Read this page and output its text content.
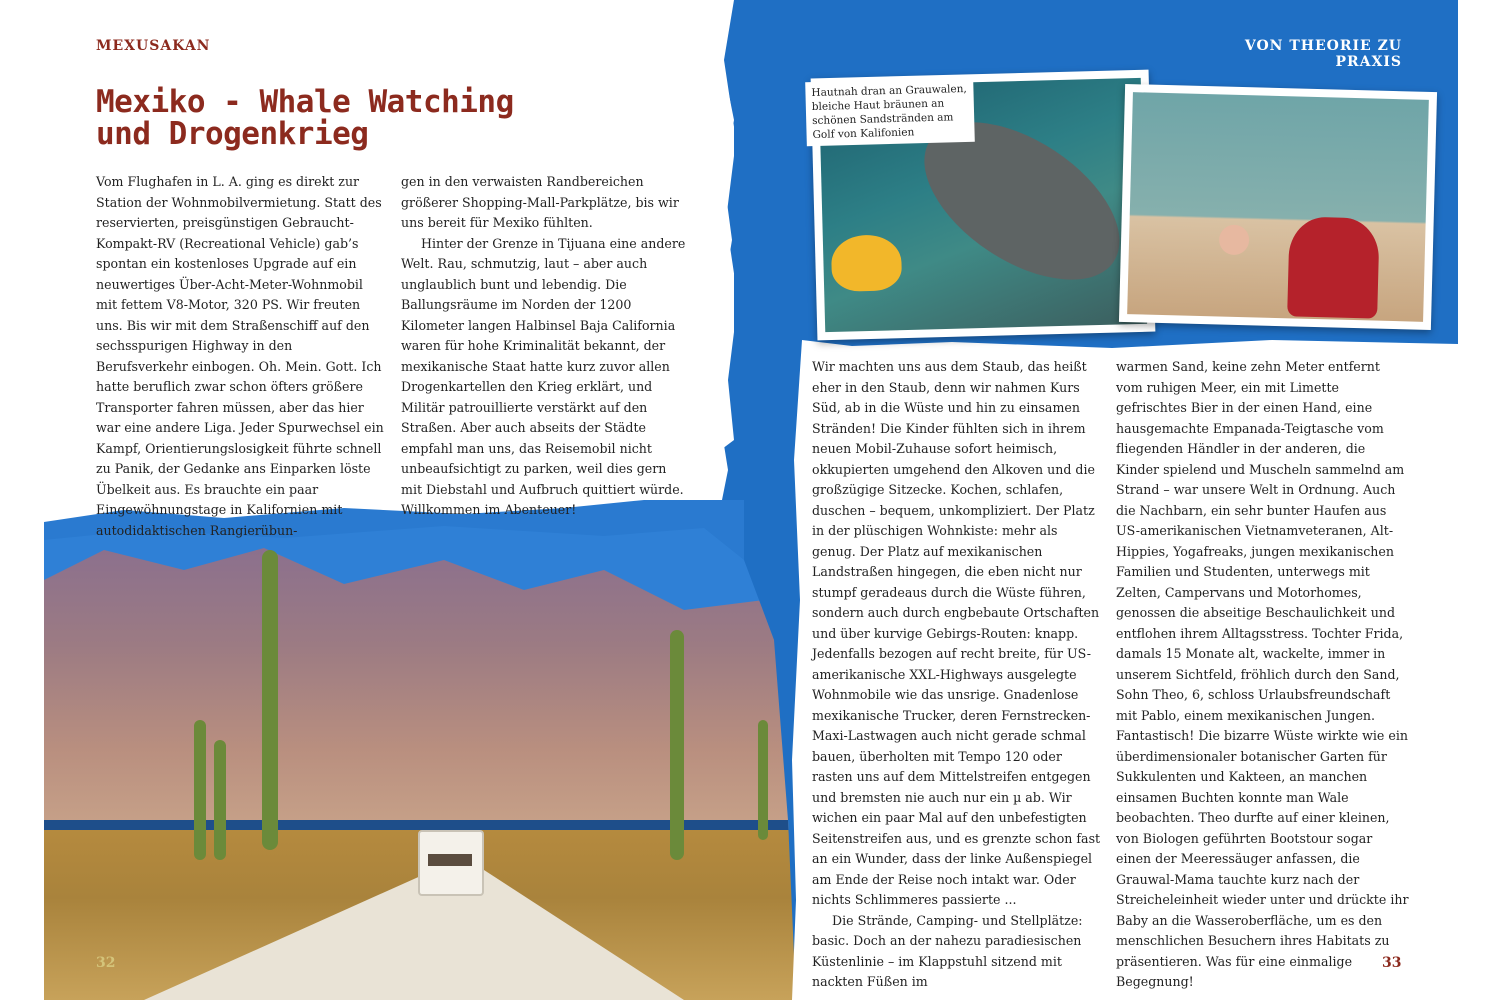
Hautnah dran an Grauwalen, bleiche Haut bräunen an schönen Sandstränden am Golf von Kalifonien
MEXUSAKAN	VON THEORIE ZU PRAXIS
Mexiko - Whale Watching
und Drogenkrieg

Vom Flughafen in L. A. ging es direkt zur Station der Wohnmobilvermietung. Statt des reservierten, preisgünstigen Gebraucht-Kompakt-RV (Recreational Vehicle) gab’s spontan ein kostenloses Upgrade auf ein neuwertiges Über-Acht-Meter-Wohnmobil mit fettem V8-Motor, 320 PS. Wir freuten uns. Bis wir mit dem Straßenschiff auf den sechsspurigen Highway in den Berufsverkehr einbogen. Oh. Mein. Gott. Ich hatte beruflich zwar schon öfters größere Transporter fahren müssen, aber das hier war eine andere Liga. Jeder Spurwechsel ein Kampf, Orientierungslosigkeit führte schnell zu Panik, der Gedanke ans Einparken löste Übelkeit aus. Es brauchte ein paar Eingewöhnungstage in Kalifornien mit autodidaktischen Rangierübun-

gen in den verwaisten Randbereichen größerer Shopping-Mall-Parkplätze, bis wir uns bereit für Mexiko fühlten.

Hinter der Grenze in Tijuana eine andere Welt. Rau, schmutzig, laut – aber auch unglaublich bunt und lebendig. Die Ballungsräume im Norden der 1200 Kilometer langen Halbinsel Baja California waren für hohe Kriminalität bekannt, der mexikanische Staat hatte kurz zuvor allen Drogenkartellen den Krieg erklärt, und Militär patrouillierte verstärkt auf den Straßen. Aber auch abseits der Städte empfahl man uns, das Reisemobil nicht unbeaufsichtigt zu parken, weil dies gern mit Diebstahl und Aufbruch quittiert würde. Willkommen im Abenteuer!

Wir machten uns aus dem Staub, das heißt eher in den Staub, denn wir nahmen Kurs Süd, ab in die Wüste und hin zu einsamen Stränden! Die Kinder fühlten sich in ihrem neuen Mobil-Zuhause sofort heimisch, okkupierten umgehend den Alkoven und die großzügige Sitzecke. Kochen, schlafen, duschen – bequem, unkompliziert. Der Platz in der plüschigen Wohnkiste: mehr als genug. Der Platz auf mexikanischen Landstraßen hingegen, die eben nicht nur stumpf geradeaus durch die Wüste führen, sondern auch durch engbebaute Ortschaften und über kurvige Gebirgs-Routen: knapp. Jedenfalls bezogen auf recht breite, für US-amerikanische XXL-Highways ausgelegte Wohnmobile wie das unsrige. Gnadenlose mexikanische Trucker, deren Fernstrecken-Maxi-Lastwagen auch nicht gerade schmal bauen, überholten mit Tempo 120 oder rasten uns auf dem Mittelstreifen entgegen und bremsten nie auch nur ein µ ab. Wir wichen ein paar Mal auf den unbefestigten Seitenstreifen aus, und es grenzte schon fast an ein Wunder, dass der linke Außenspiegel am Ende der Reise noch intakt war. Oder nichts Schlimmeres passierte ...

Die Strände, Camping- und Stellplätze: basic. Doch an der nahezu paradiesischen Küstenlinie – im Klappstuhl sitzend mit nackten Füßen im

warmen Sand, keine zehn Meter entfernt vom ruhigen Meer, ein mit Limette gefrischtes Bier in der einen Hand, eine hausgemachte Empanada-Teigtasche vom fliegenden Händler in der anderen, die Kinder spielend und Muscheln sammelnd am Strand – war unsere Welt in Ordnung. Auch die Nachbarn, ein sehr bunter Haufen aus US-amerikanischen Vietnamveteranen, Alt-Hippies, Yogafreaks, jungen mexikanischen Familien und Studenten, unterwegs mit Zelten, Campervans und Motorhomes, genossen die abseitige Beschaulichkeit und entflohen ihrem Alltagsstress. Tochter Frida, damals 15 Monate alt, wackelte, immer in unserem Sichtfeld, fröhlich durch den Sand, Sohn Theo, 6, schloss Urlaubsfreundschaft mit Pablo, einem mexikanischen Jungen. Fantastisch! Die bizarre Wüste wirkte wie ein überdimensionaler botanischer Garten für Sukkulenten und Kakteen, an manchen einsamen Buchten konnte man Wale beobachten. Theo durfte auf einer kleinen, von Biologen geführten Bootstour sogar einen der Meeressäuger anfassen, die Grauwal-Mama tauchte kurz nach der Streicheleinheit wieder unter und drückte ihr Baby an die Wasseroberfläche, um es den menschlichen Besuchern ihres Habitats zu präsentieren. Was für eine einmalige Begegnung!

32	33
